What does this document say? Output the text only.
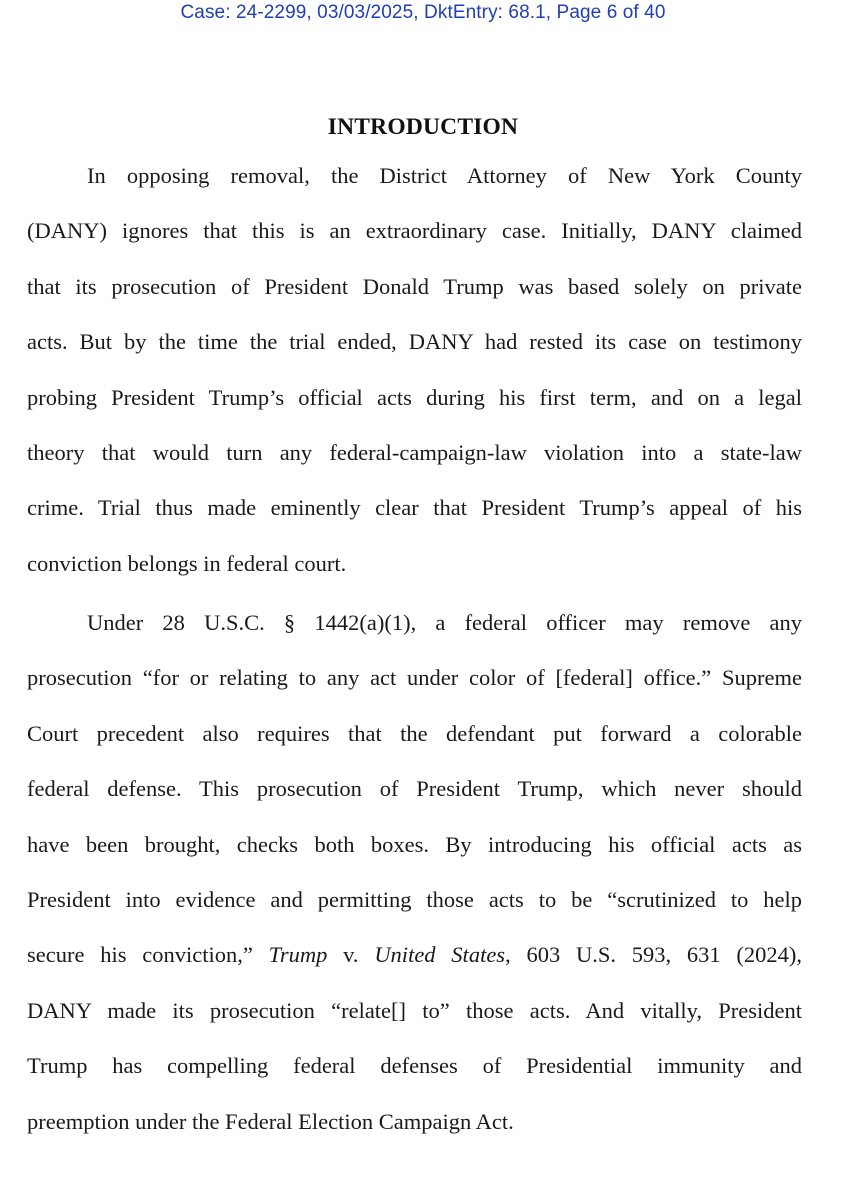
Case: 24-2299, 03/03/2025, DktEntry: 68.1, Page 6 of 40
INTRODUCTION
In opposing removal, the District Attorney of New York County
(DANY) ignores that this is an extraordinary case. Initially, DANY claimed
that its prosecution of President Donald Trump was based solely on private
acts. But by the time the trial ended, DANY had rested its case on testimony
probing President Trump’s official acts during his first term, and on a legal
theory that would turn any federal-campaign-law violation into a state-law
crime. Trial thus made eminently clear that President Trump’s appeal of his
conviction belongs in federal court.
Under 28 U.S.C. § 1442(a)(1), a federal officer may remove any
prosecution “for or relating to any act under color of [federal] office.” Supreme
Court precedent also requires that the defendant put forward a colorable
federal defense. This prosecution of President Trump, which never should
have been brought, checks both boxes. By introducing his official acts as
President into evidence and permitting those acts to be “scrutinized to help
secure his conviction,” Trump v. United States, 603 U.S. 593, 631 (2024),
DANY made its prosecution “relate[] to” those acts. And vitally, President
Trump has compelling federal defenses of Presidential immunity and
preemption under the Federal Election Campaign Act.
